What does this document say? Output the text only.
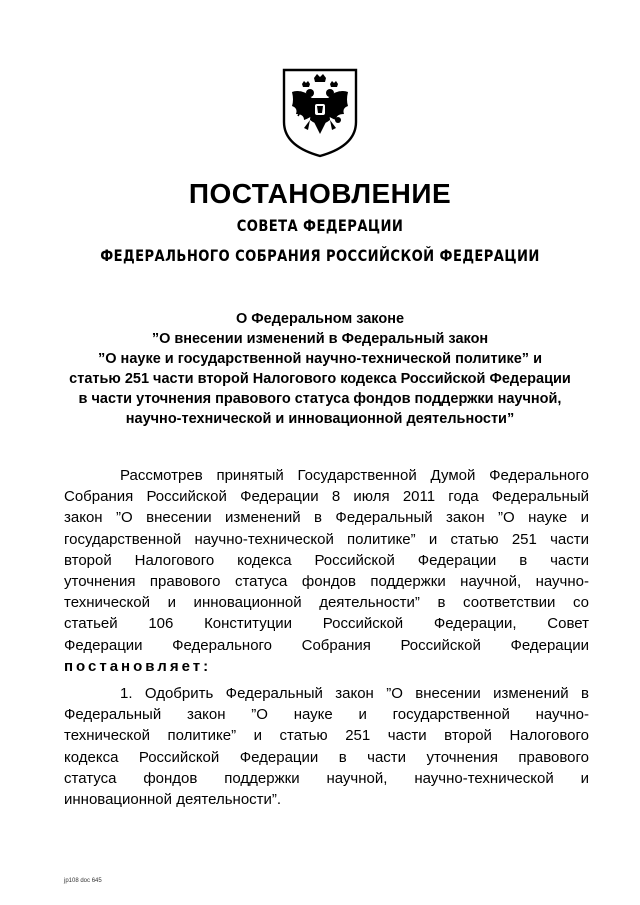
ПОСТАНОВЛЕНИЕ
СОВЕТА ФЕДЕРАЦИИ
ФЕДЕРАЛЬНОГО СОБРАНИЯ РОССИЙСКОЙ ФЕДЕРАЦИИ
О Федеральном законе
”О внесении изменений в Федеральный закон
”О науке и государственной научно-технической политике” и
статью 251 части второй Налогового кодекса Российской Федерации
в части уточнения правового статуса фондов поддержки научной,
научно-технической и инновационной деятельности”
Рассмотрев принятый Государственной Думой Федерального
Собрания Российской Федерации 8 июля 2011 года Федеральный
закон ”О внесении изменений в Федеральный закон ”О науке и
государственной научно-технической политике” и статью 251 части
второй Налогового кодекса Российской Федерации в части
уточнения правового статуса фондов поддержки научной, научно-
технической и инновационной деятельности” в соответствии со
статьей 106 Конституции Российской Федерации, Совет
Федерации Федерального Собрания Российской Федерации
постановляет:
1. Одобрить Федеральный закон ”О внесении изменений в
Федеральный закон ”О науке и государственной научно-
технической политике” и статью 251 части второй Налогового
кодекса Российской Федерации в части уточнения правового
статуса фондов поддержки научной, научно-технической и
инновационной деятельности”.
jp108 doc 645
